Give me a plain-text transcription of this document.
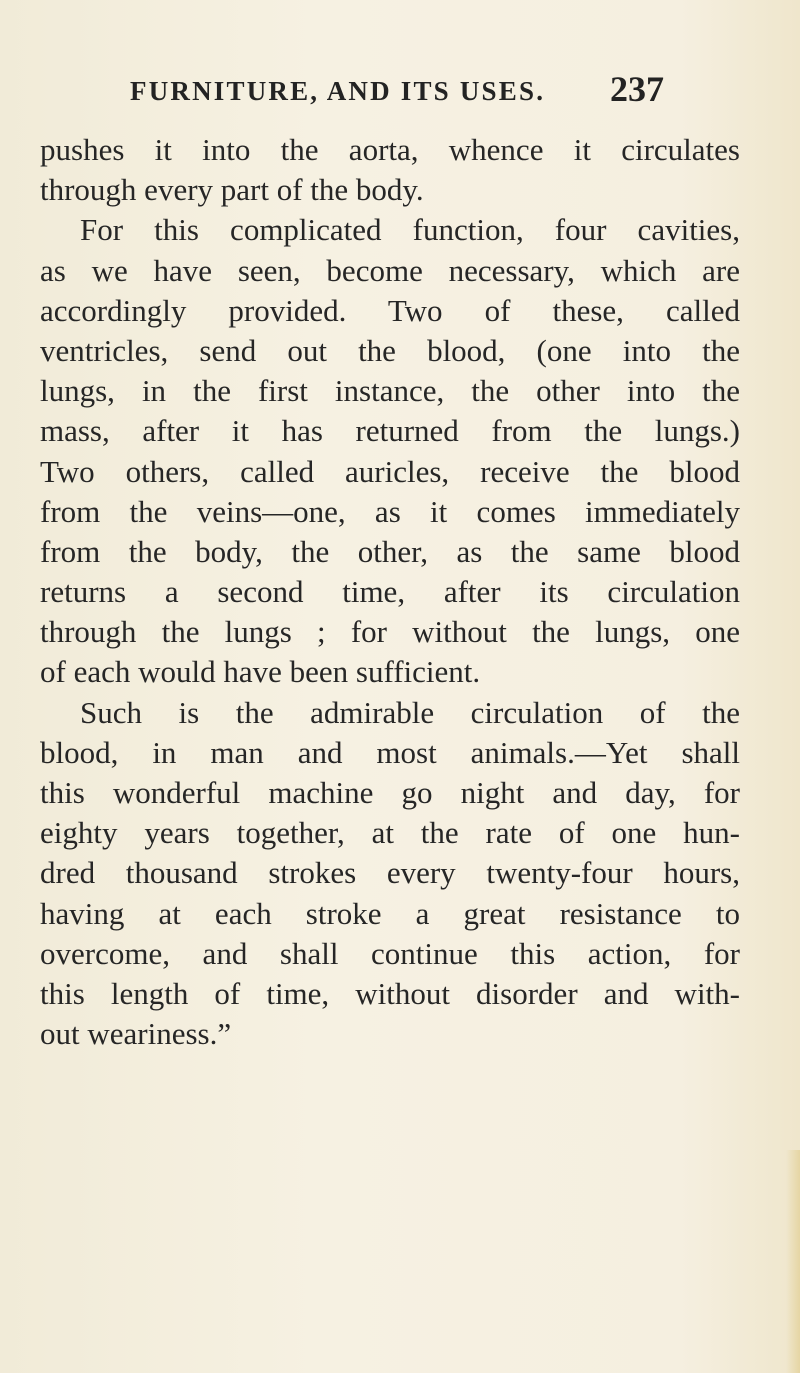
FURNITURE, AND ITS USES. 237
pushes it into the aorta, whence it circulates
through every part of the body.
For this complicated function, four cavities,
as we have seen, become necessary, which are
accordingly provided. Two of these, called
ventricles, send out the blood, (one into the
lungs, in the first instance, the other into the
mass, after it has returned from the lungs.)
Two others, called auricles, receive the blood
from the veins—one, as it comes immediately
from the body, the other, as the same blood
returns a second time, after its circulation
through the lungs ; for without the lungs, one
of each would have been sufficient.
Such is the admirable circulation of the
blood, in man and most animals.—Yet shall
this wonderful machine go night and day, for
eighty years together, at the rate of one hun-
dred thousand strokes every twenty-four hours,
having at each stroke a great resistance to
overcome, and shall continue this action, for
this length of time, without disorder and with-
out weariness.”
